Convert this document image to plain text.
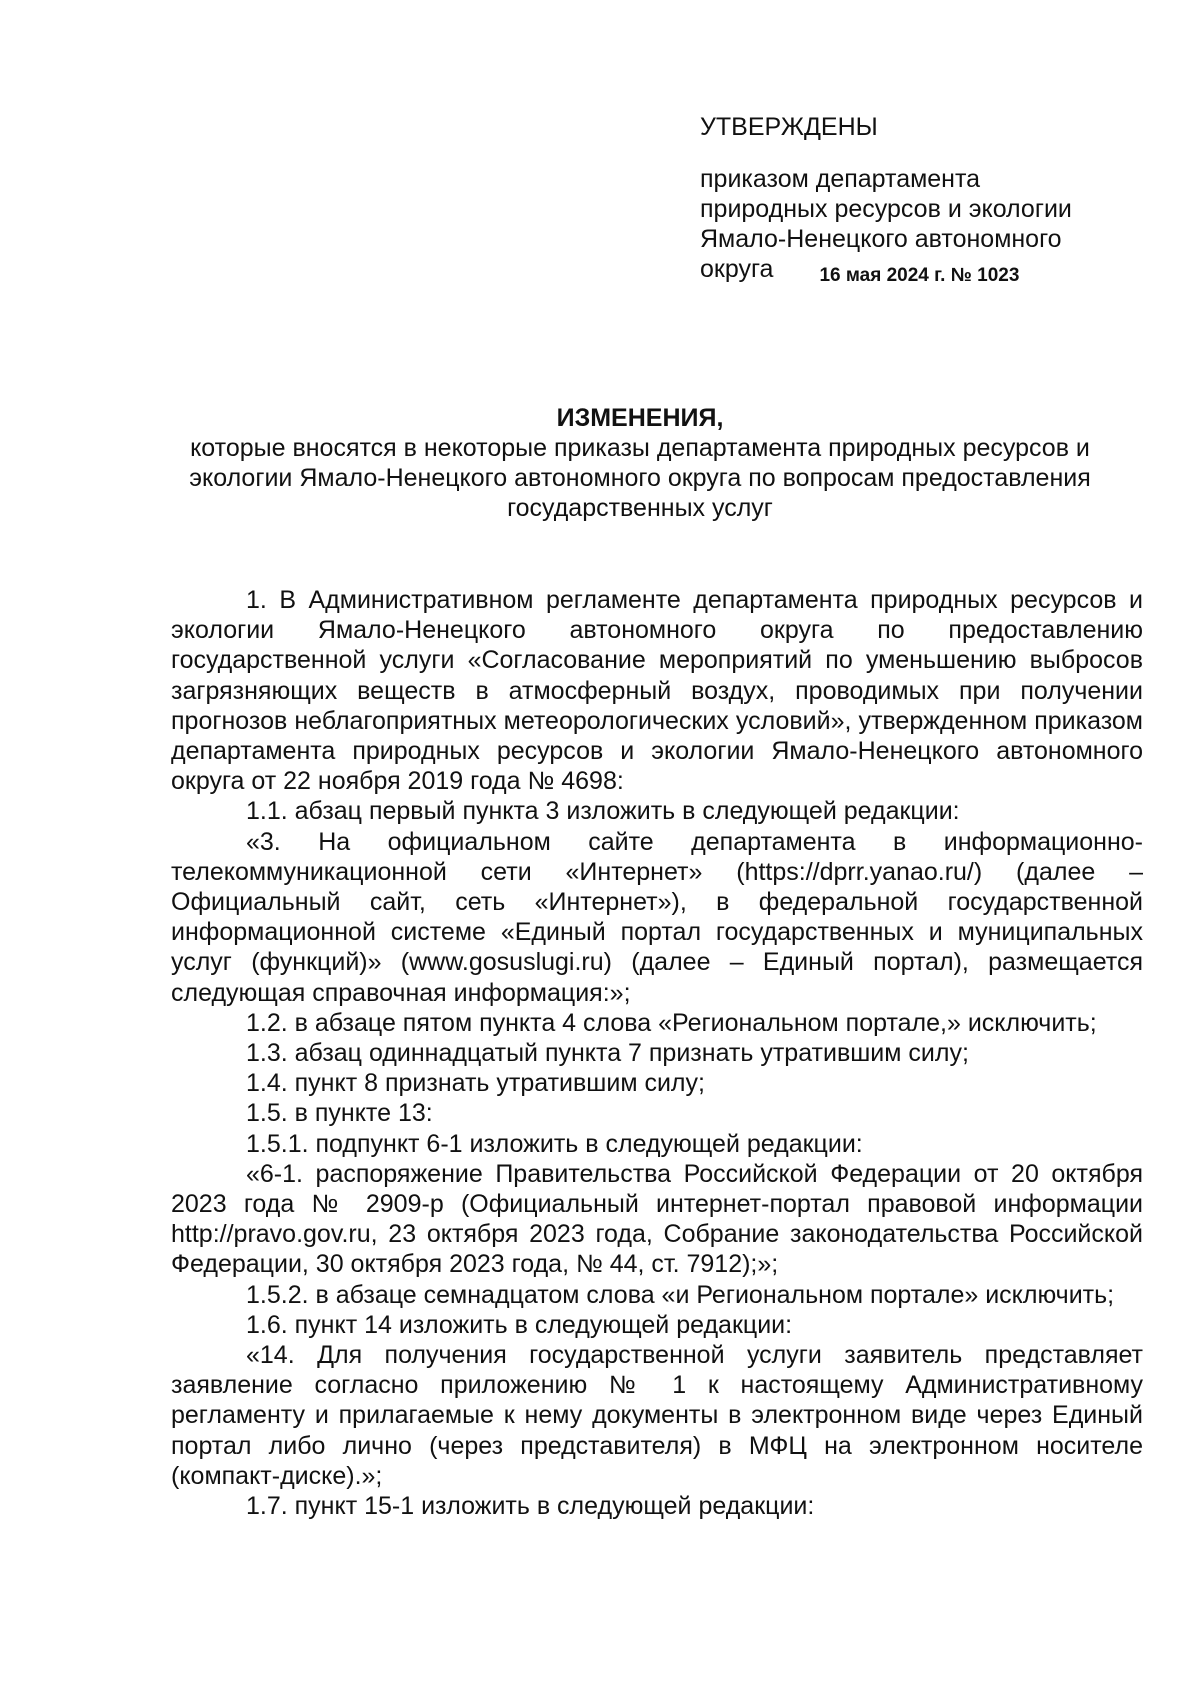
УТВЕРЖДЕНЫ
приказом департамента
природных ресурсов и экологии
Ямало-Ненецкого автономного
округа 16 мая 2024 г. № 1023
ИЗМЕНЕНИЯ,
которые вносятся в некоторые приказы департамента природных ресурсов и экологии Ямало-Ненецкого автономного округа по вопросам предоставления государственных услуг

1. В Административном регламенте департамента природных ресурсов и экологии Ямало-Ненецкого автономного округа по предоставлению государственной услуги «Согласование мероприятий по уменьшению выбросов загрязняющих веществ в атмосферный воздух, проводимых при получении прогнозов неблагоприятных метеорологических условий», утвержденном приказом департамента природных ресурсов и экологии Ямало-Ненецкого автономного округа от 22 ноября 2019 года № 4698:

1.1. абзац первый пункта 3 изложить в следующей редакции:

«3. На официальном сайте департамента в информационно-телекоммуникационной сети «Интернет» (https://dprr.yanao.ru/) (далее – Официальный сайт, сеть «Интернет»), в федеральной государственной информационной системе «Единый портал государственных и муниципальных услуг (функций)» (www.gosuslugi.ru) (далее – Единый портал), размещается следующая справочная информация:»;

1.2. в абзаце пятом пункта 4 слова «Региональном портале,» исключить;

1.3. абзац одиннадцатый пункта 7 признать утратившим силу;

1.4. пункт 8 признать утратившим силу;

1.5. в пункте 13:

1.5.1. подпункт 6-1 изложить в следующей редакции:

«6-1. распоряжение Правительства Российской Федерации от 20 октября 2023 года № 2909-р (Официальный интернет-портал правовой информации http://pravo.gov.ru, 23 октября 2023 года, Собрание законодательства Российской Федерации, 30 октября 2023 года, № 44, ст. 7912);»;

1.5.2. в абзаце семнадцатом слова «и Региональном портале» исключить;

1.6. пункт 14 изложить в следующей редакции:

«14. Для получения государственной услуги заявитель представляет заявление согласно приложению № 1 к настоящему Административному регламенту и прилагаемые к нему документы в электронном виде через Единый портал либо лично (через представителя) в МФЦ на электронном носителе (компакт-диске).»;

1.7. пункт 15-1 изложить в следующей редакции:
